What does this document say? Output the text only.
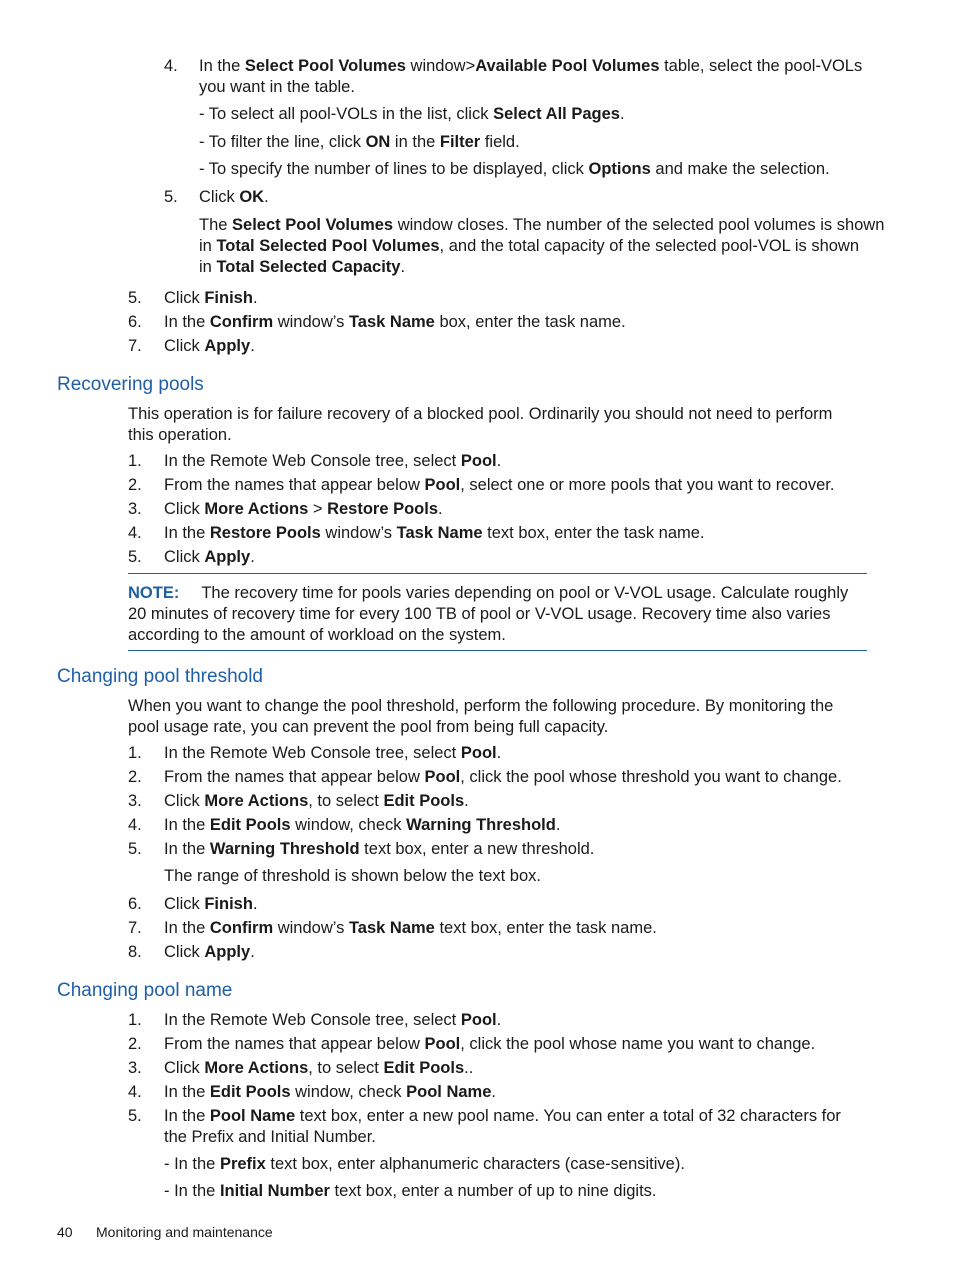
4. In the Select Pool Volumes window>Available Pool Volumes table, select the pool-VOLs
you want in the table.
- To select all pool-VOLs in the list, click Select All Pages.
- To filter the line, click ON in the Filter field.
- To specify the number of lines to be displayed, click Options and make the selection.
5. Click OK.
The Select Pool Volumes window closes. The number of the selected pool volumes is shown
in Total Selected Pool Volumes, and the total capacity of the selected pool-VOL is shown
in Total Selected Capacity.
5. Click Finish.
6. In the Confirm window’s Task Name box, enter the task name.
7. Click Apply.
Recovering pools
This operation is for failure recovery of a blocked pool. Ordinarily you should not need to perform
this operation.
1. In the Remote Web Console tree, select Pool.
2. From the names that appear below Pool, select one or more pools that you want to recover.
3. Click More Actions > Restore Pools.
4. In the Restore Pools window’s Task Name text box, enter the task name.
5. Click Apply.
NOTE: The recovery time for pools varies depending on pool or V-VOL usage. Calculate roughly
20 minutes of recovery time for every 100 TB of pool or V-VOL usage. Recovery time also varies
according to the amount of workload on the system.
Changing pool threshold
When you want to change the pool threshold, perform the following procedure. By monitoring the
pool usage rate, you can prevent the pool from being full capacity.
1. In the Remote Web Console tree, select Pool.
2. From the names that appear below Pool, click the pool whose threshold you want to change.
3. Click More Actions, to select Edit Pools.
4. In the Edit Pools window, check Warning Threshold.
5. In the Warning Threshold text box, enter a new threshold.
The range of threshold is shown below the text box.
6. Click Finish.
7. In the Confirm window’s Task Name text box, enter the task name.
8. Click Apply.
Changing pool name
1. In the Remote Web Console tree, select Pool.
2. From the names that appear below Pool, click the pool whose name you want to change.
3. Click More Actions, to select Edit Pools..
4. In the Edit Pools window, check Pool Name.
5. In the Pool Name text box, enter a new pool name. You can enter a total of 32 characters for
the Prefix and Initial Number.
- In the Prefix text box, enter alphanumeric characters (case-sensitive).
- In the Initial Number text box, enter a number of up to nine digits.
40 Monitoring and maintenance
